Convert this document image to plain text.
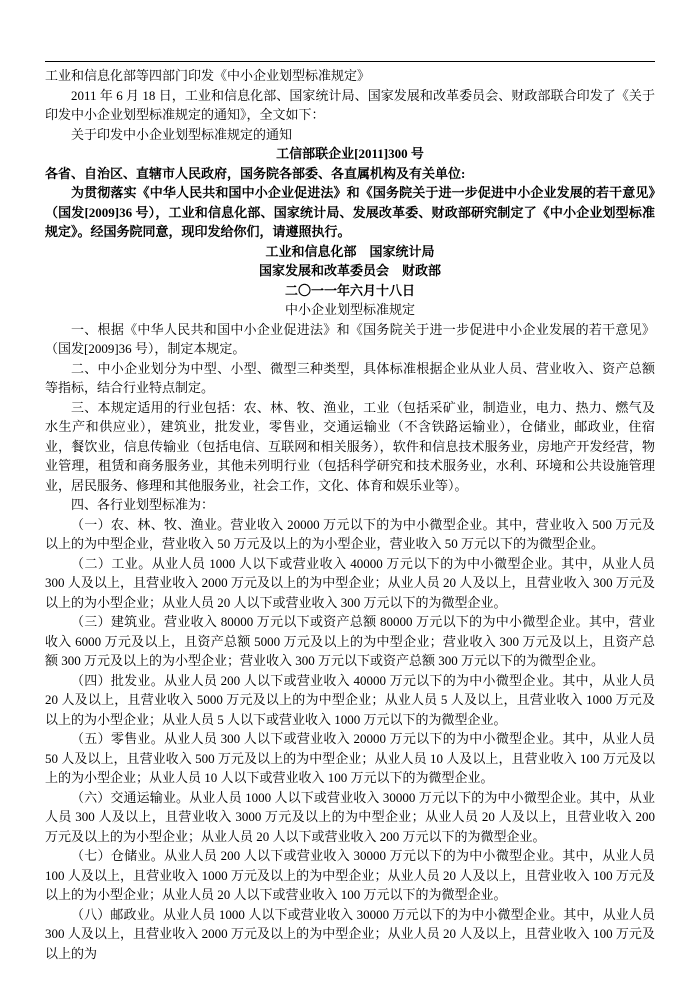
工业和信息化部等四部门印发《中小企业划型标准规定》

2011 年 6 月 18 日，工业和信息化部、国家统计局、国家发展和改革委员会、财政部联合印发了《关于印发中小企业划型标准规定的通知》，全文如下：

关于印发中小企业划型标准规定的通知

工信部联企业[2011]300 号

各省、自治区、直辖市人民政府，国务院各部委、各直属机构及有关单位:

为贯彻落实《中华人民共和国中小企业促进法》和《国务院关于进一步促进中小企业发展的若干意见》（国发[2009]36 号），工业和信息化部、国家统计局、发展改革委、财政部研究制定了《中小企业划型标准规定》。经国务院同意，现印发给你们，请遵照执行。

工业和信息化部　国家统计局

国家发展和改革委员会　财政部

二〇一一年六月十八日

中小企业划型标准规定

一、根据《中华人民共和国中小企业促进法》和《国务院关于进一步促进中小企业发展的若干意见》（国发[2009]36 号），制定本规定。

二、中小企业划分为中型、小型、微型三种类型，具体标准根据企业从业人员、营业收入、资产总额等指标，结合行业特点制定。

三、本规定适用的行业包括：农、林、牧、渔业，工业（包括采矿业，制造业，电力、热力、燃气及水生产和供应业），建筑业，批发业，零售业，交通运输业（不含铁路运输业），仓储业，邮政业，住宿业，餐饮业，信息传输业（包括电信、互联网和相关服务），软件和信息技术服务业，房地产开发经营，物业管理，租赁和商务服务业，其他未列明行业（包括科学研究和技术服务业，水利、环境和公共设施管理业，居民服务、修理和其他服务业，社会工作，文化、体育和娱乐业等）。

四、各行业划型标准为：

（一）农、林、牧、渔业。营业收入 20000 万元以下的为中小微型企业。其中，营业收入 500 万元及以上的为中型企业，营业收入 50 万元及以上的为小型企业，营业收入 50 万元以下的为微型企业。

（二）工业。从业人员 1000 人以下或营业收入 40000 万元以下的为中小微型企业。其中，从业人员 300 人及以上，且营业收入 2000 万元及以上的为中型企业；从业人员 20 人及以上，且营业收入 300 万元及以上的为小型企业；从业人员 20 人以下或营业收入 300 万元以下的为微型企业。

（三）建筑业。营业收入 80000 万元以下或资产总额 80000 万元以下的为中小微型企业。其中，营业收入 6000 万元及以上，且资产总额 5000 万元及以上的为中型企业；营业收入 300 万元及以上，且资产总额 300 万元及以上的为小型企业；营业收入 300 万元以下或资产总额 300 万元以下的为微型企业。

（四）批发业。从业人员 200 人以下或营业收入 40000 万元以下的为中小微型企业。其中，从业人员 20 人及以上，且营业收入 5000 万元及以上的为中型企业；从业人员 5 人及以上，且营业收入 1000 万元及以上的为小型企业；从业人员 5 人以下或营业收入 1000 万元以下的为微型企业。

（五）零售业。从业人员 300 人以下或营业收入 20000 万元以下的为中小微型企业。其中，从业人员 50 人及以上，且营业收入 500 万元及以上的为中型企业；从业人员 10 人及以上，且营业收入 100 万元及以上的为小型企业；从业人员 10 人以下或营业收入 100 万元以下的为微型企业。

（六）交通运输业。从业人员 1000 人以下或营业收入 30000 万元以下的为中小微型企业。其中，从业人员 300 人及以上，且营业收入 3000 万元及以上的为中型企业；从业人员 20 人及以上，且营业收入 200 万元及以上的为小型企业；从业人员 20 人以下或营业收入 200 万元以下的为微型企业。

（七）仓储业。从业人员 200 人以下或营业收入 30000 万元以下的为中小微型企业。其中，从业人员 100 人及以上，且营业收入 1000 万元及以上的为中型企业；从业人员 20 人及以上，且营业收入 100 万元及以上的为小型企业；从业人员 20 人以下或营业收入 100 万元以下的为微型企业。

（八）邮政业。从业人员 1000 人以下或营业收入 30000 万元以下的为中小微型企业。其中，从业人员 300 人及以上，且营业收入 2000 万元及以上的为中型企业；从业人员 20 人及以上，且营业收入 100 万元及以上的为
